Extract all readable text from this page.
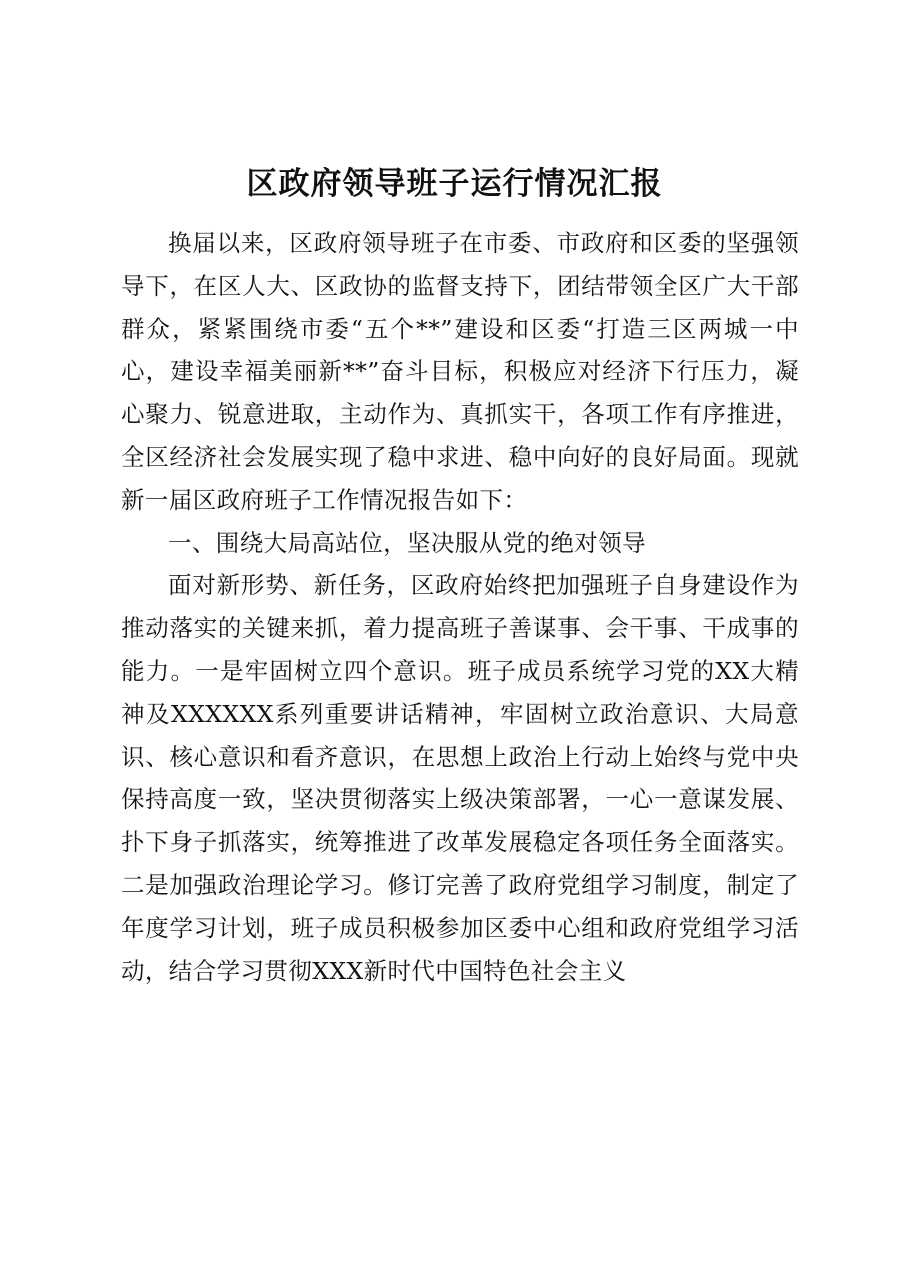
区政府领导班子运行情况汇报

换届以来，区政府领导班子在市委、市政府和区委的坚强领导下，在区人大、区政协的监督支持下，团结带领全区广大干部群众，紧紧围绕市委“五个**”建设和区委“打造三区两城一中心，建设幸福美丽新**”奋斗目标，积极应对经济下行压力，凝心聚力、锐意进取，主动作为、真抓实干，各项工作有序推进，全区经济社会发展实现了稳中求进、稳中向好的良好局面。现就新一届区政府班子工作情况报告如下：

一、围绕大局高站位，坚决服从党的绝对领导

面对新形势、新任务，区政府始终把加强班子自身建设作为推动落实的关键来抓，着力提高班子善谋事、会干事、干成事的能力。一是牢固树立四个意识。班子成员系统学习党的XX大精神及XXXXXX系列重要讲话精神，牢固树立政治意识、大局意识、核心意识和看齐意识，在思想上政治上行动上始终与党中央保持高度一致，坚决贯彻落实上级决策部署，一心一意谋发展、扑下身子抓落实，统筹推进了改革发展稳定各项任务全面落实。二是加强政治理论学习。修订完善了政府党组学习制度，制定了年度学习计划，班子成员积极参加区委中心组和政府党组学习活动，结合学习贯彻XXX新时代中国特色社会主义
